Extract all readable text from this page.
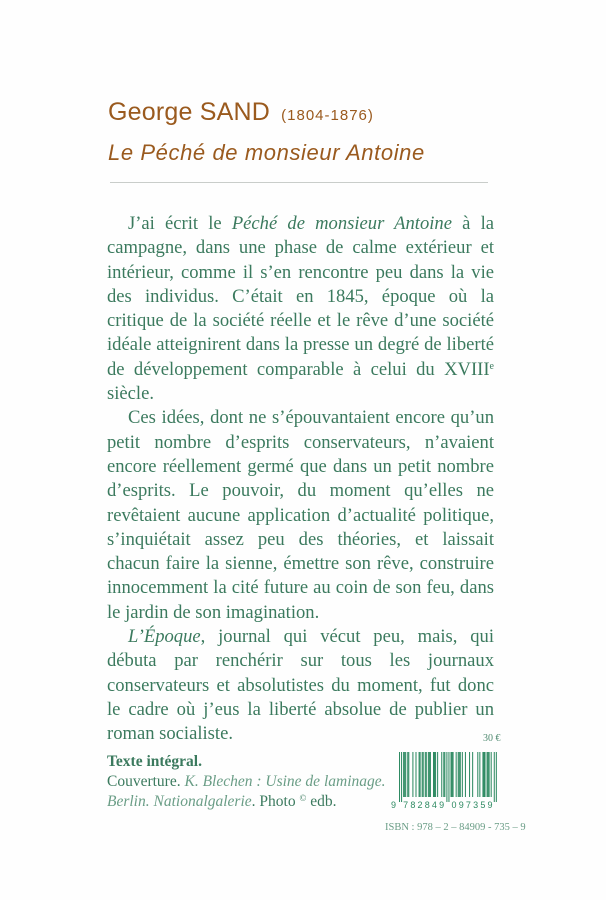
George SAND (1804-1876)
Le Péché de monsieur Antoine

J’ai écrit le Péché de monsieur Antoine à la campagne, dans une phase de calme extérieur et intérieur, comme il s’en rencontre peu dans la vie des individus. C’était en 1845, époque où la critique de la société réelle et le rêve d’une société idéale atteignirent dans la presse un degré de liberté de développement comparable à celui du XVIIIe siècle.

Ces idées, dont ne s’épouvantaient encore qu’un petit nombre d’esprits conservateurs, n’avaient encore réellement germé que dans un petit nombre d’esprits. Le pouvoir, du moment qu’elles ne revêtaient aucune application d’actualité politique, s’inquiétait assez peu des théories, et laissait chacun faire la sienne, émettre son rêve, construire innocemment la cité future au coin de son feu, dans le jardin de son imagination.

L’Époque, journal qui vécut peu, mais, qui débuta par renchérir sur tous les journaux conservateurs et absolutistes du moment, fut donc le cadre où j’eus la liberté absolue de publier un roman socialiste.

Texte intégral.
Couverture. K. Blechen : Usine de laminage. Berlin. Nationalgalerie. Photo © edb.
30 €
9 782849 097359
ISBN : 978 – 2 – 84909 - 735 – 9
